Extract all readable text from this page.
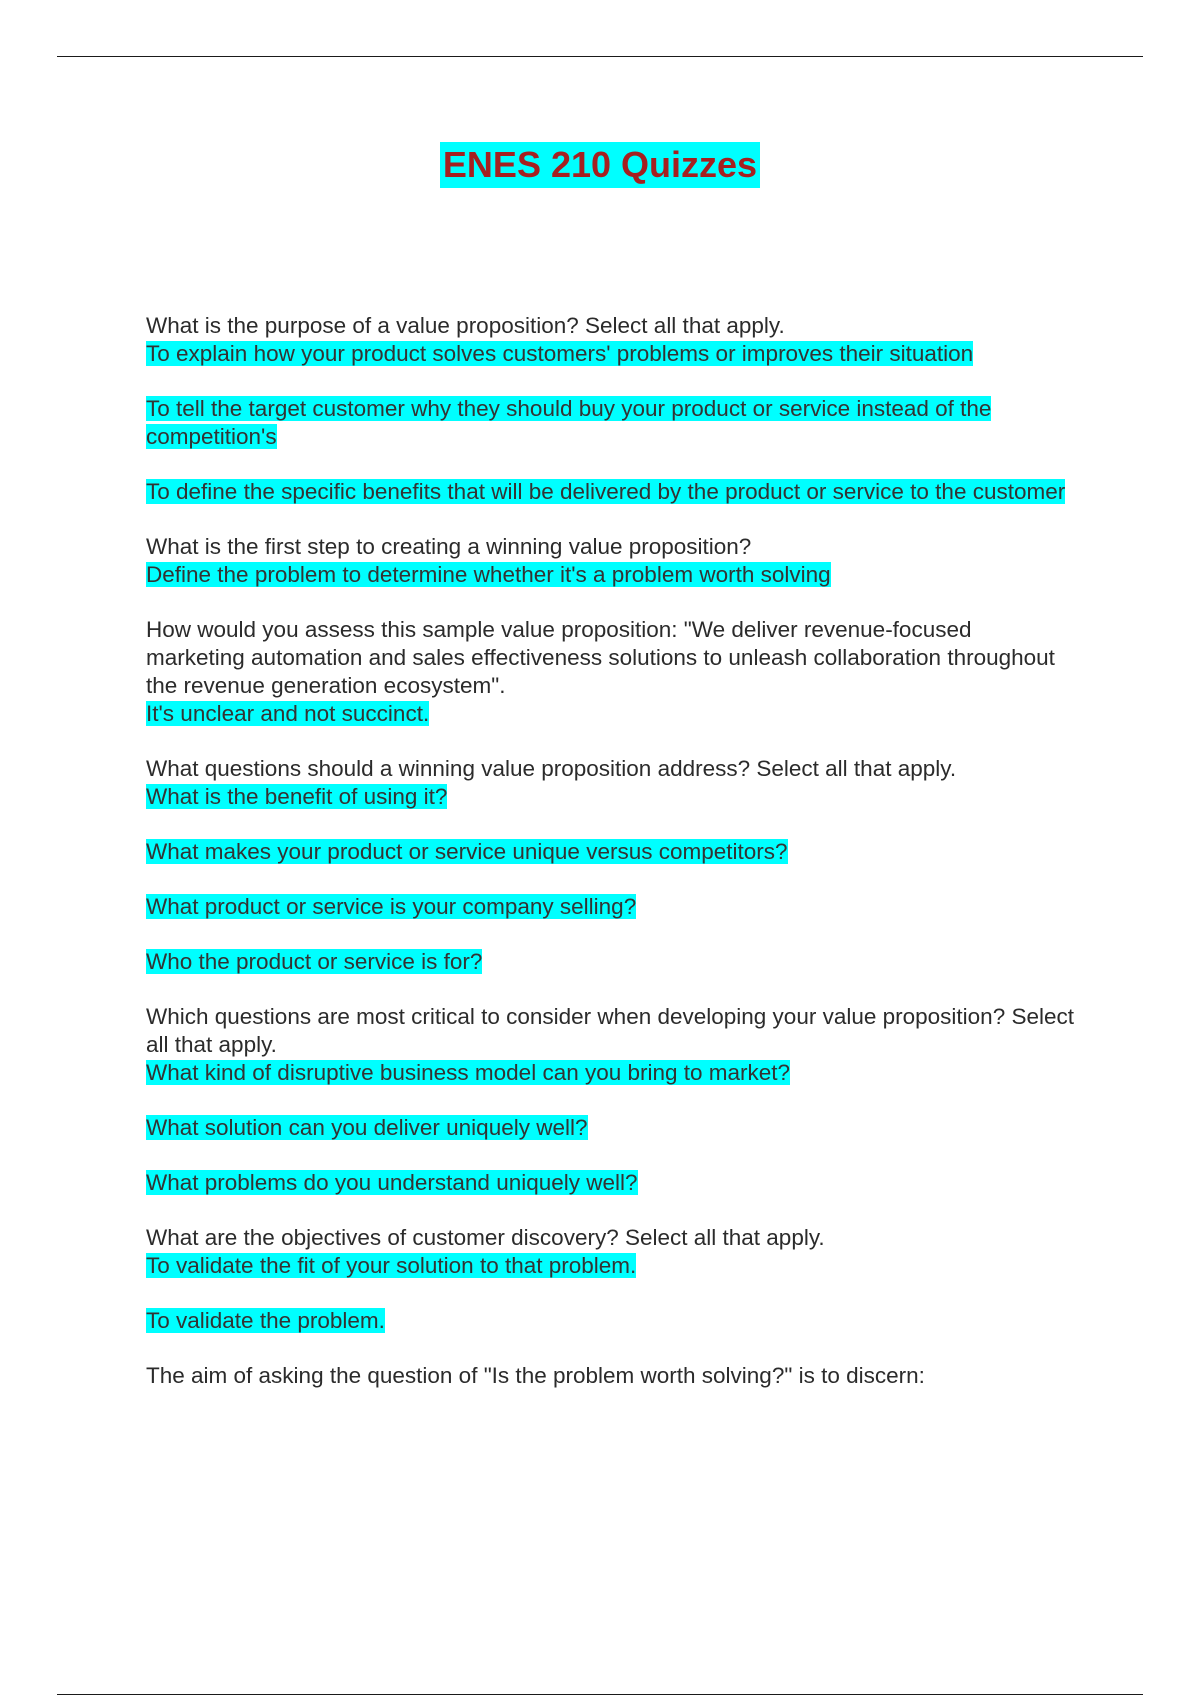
ENES 210 Quizzes

What is the purpose of a value proposition? Select all that apply.

To explain how your product solves customers' problems or improves their situation

To tell the target customer why they should buy your product or service instead of the competition's

To define the specific benefits that will be delivered by the product or service to the customer

What is the first step to creating a winning value proposition?

Define the problem to determine whether it's a problem worth solving

How would you assess this sample value proposition: "We deliver revenue-focused marketing automation and sales effectiveness solutions to unleash collaboration throughout the revenue generation ecosystem".

It's unclear and not succinct.

What questions should a winning value proposition address? Select all that apply.

What is the benefit of using it?

What makes your product or service unique versus competitors?

What product or service is your company selling?

Who the product or service is for?

Which questions are most critical to consider when developing your value proposition? Select all that apply.

What kind of disruptive business model can you bring to market?

What solution can you deliver uniquely well?

What problems do you understand uniquely well?

What are the objectives of customer discovery? Select all that apply.

To validate the fit of your solution to that problem.

To validate the problem.

The aim of asking the question of "Is the problem worth solving?" is to discern:
